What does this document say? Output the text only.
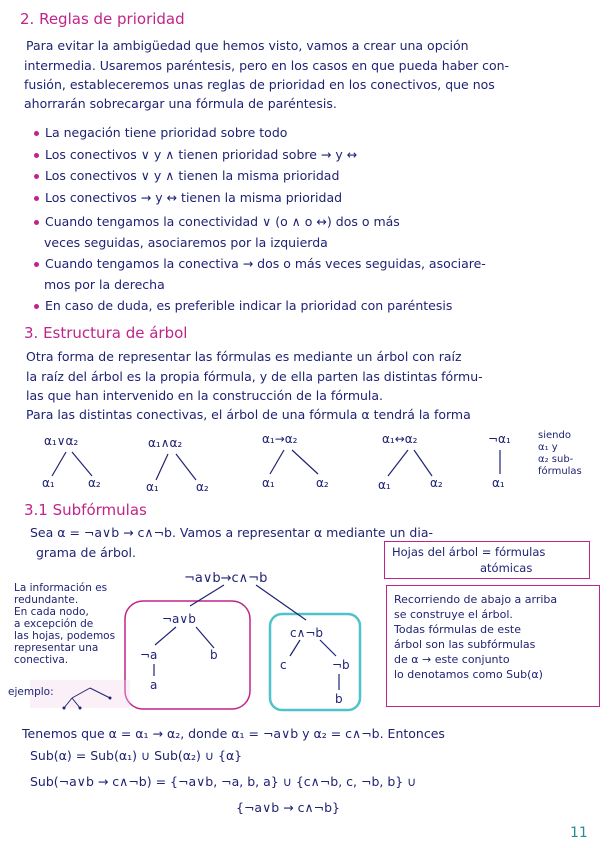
2. Reglas de prioridad
Para evitar la ambigüedad que hemos visto, vamos a crear una opción
intermedia. Usaremos paréntesis, pero en los casos en que pueda haber con-
fusión, estableceremos unas reglas de prioridad en los conectivos, que nos
ahorrarán sobrecargar una fórmula de paréntesis.
La negación tiene prioridad sobre todo
Los conectivos ∨ y ∧ tienen prioridad sobre → y ↔
Los conectivos ∨ y ∧ tienen la misma prioridad
Los conectivos → y ↔ tienen la misma prioridad
Cuando tengamos la conectividad ∨ (o ∧ o ↔) dos o más
veces seguidas, asociaremos por la izquierda
Cuando tengamos la conectiva → dos o más veces seguidas, asociare-
mos por la derecha
En caso de duda, es preferible indicar la prioridad con paréntesis
3. Estructura de árbol
Otra forma de representar las fórmulas es mediante un árbol con raíz
la raíz del árbol es la propia fórmula, y de ella parten las distintas fórmu-
las que han intervenido en la construcción de la fórmula.
Para las distintas conectivas, el árbol de una fórmula α tendrá la forma
α₁∨α₂
α₁	α₂
α₁∧α₂
α₁	α₂
α₁→α₂
α₁	α₂
α₁↔α₂
α₁	α₂
¬α₁
α₁
siendo
α₁ y
α₂ sub-
fórmulas
3.1 Subfórmulas
Sea α = ¬a∨b → c∧¬b. Vamos a representar α mediante un dia-
grama de árbol.	Hojas del árbol = fórmulas
atómicas
¬a∨b→c∧¬b
¬a∨b
c∧¬b
¬a	b
a
c	¬b
b
La información es
redundante.
En cada nodo,
a excepción de
las hojas, podemos
representar una
conectiva.
ejemplo:
Recorriendo de abajo a arriba
se construye el árbol.
Todas fórmulas de este
árbol son las subfórmulas
de α → este conjunto
lo denotamos como Sub(α)
Tenemos que α = α₁ → α₂, donde α₁ = ¬a∨b y α₂ = c∧¬b. Entonces
Sub(α) = Sub(α₁) ∪ Sub(α₂) ∪ {α}
Sub(¬a∨b → c∧¬b) = {¬a∨b, ¬a, b, a} ∪ {c∧¬b, c, ¬b, b} ∪
{¬a∨b → c∧¬b}
11
